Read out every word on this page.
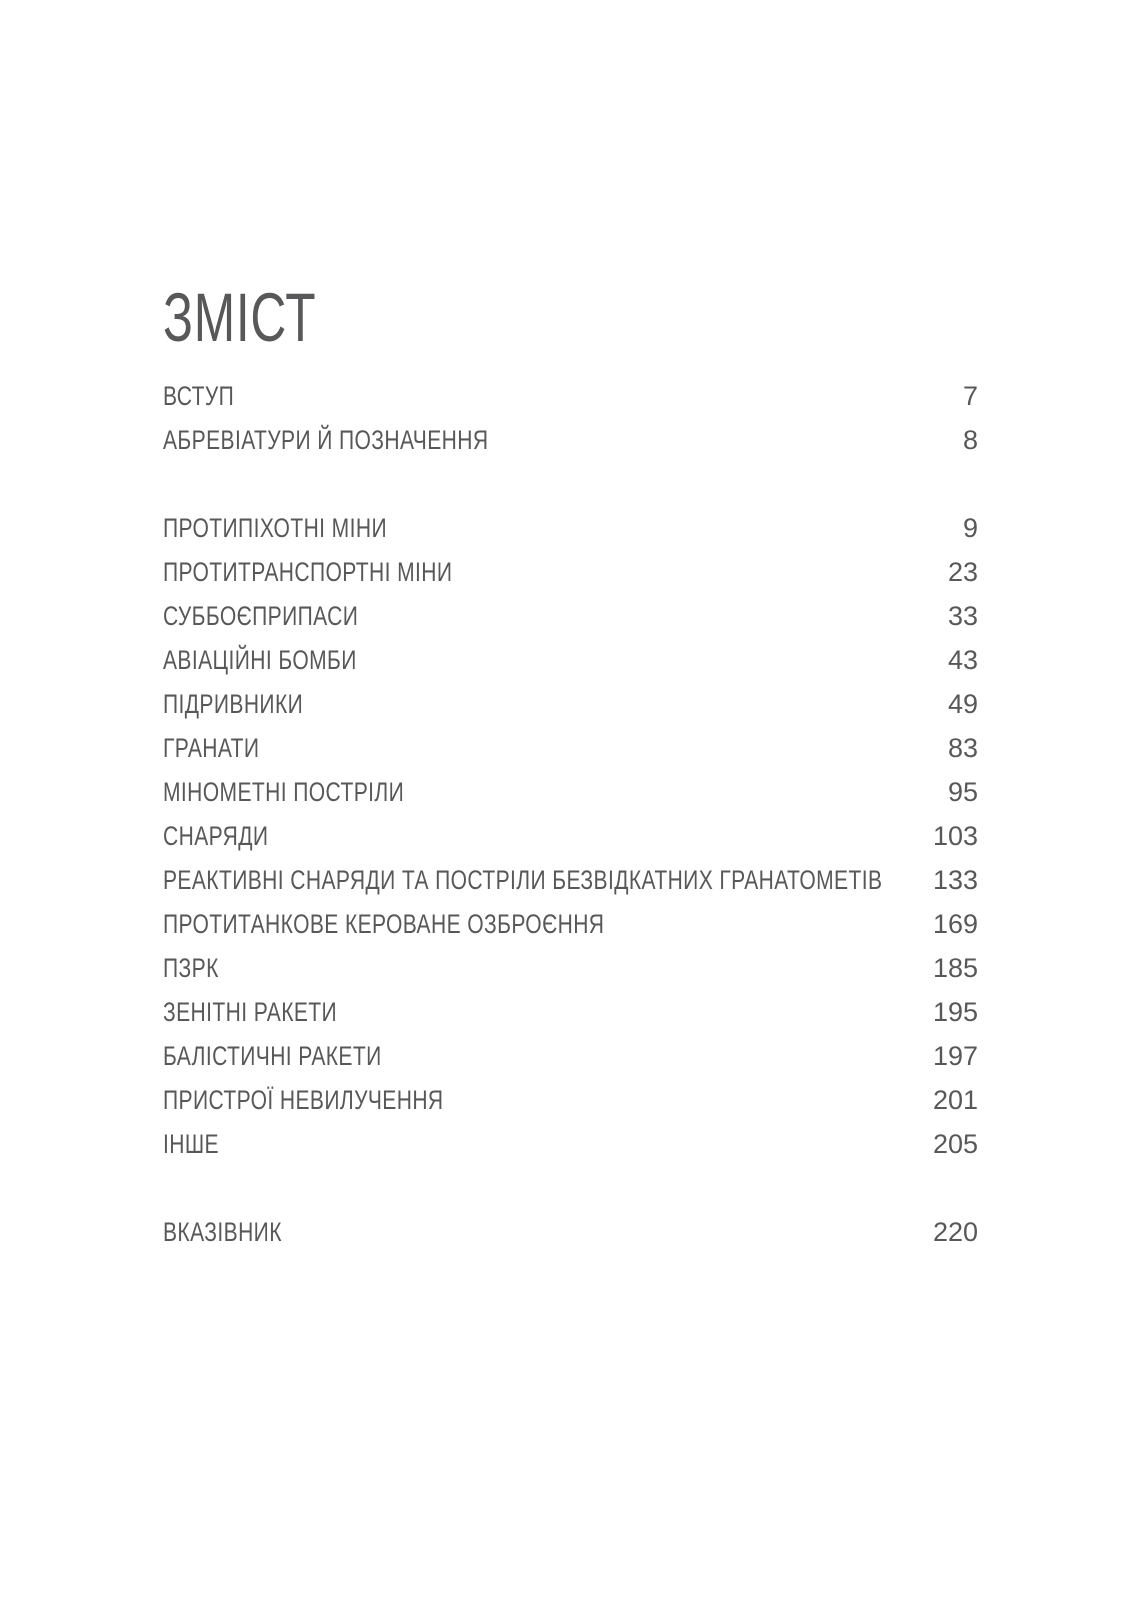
ЗМІСТ
ВСТУП	7
АБРЕВІАТУРИ Й ПОЗНАЧЕННЯ	8
ПРОТИПІХОТНІ МІНИ	9
ПРОТИТРАНСПОРТНІ МІНИ	23
СУББОЄПРИПАСИ	33
АВІАЦІЙНІ БОМБИ	43
ПІДРИВНИКИ	49
ГРАНАТИ	83
МІНОМЕТНІ ПОСТРІЛИ	95
СНАРЯДИ	103
РЕАКТИВНІ СНАРЯДИ ТА ПОСТРІЛИ БЕЗВІДКАТНИХ ГРАНАТОМЕТІВ 133
ПРОТИТАНКОВЕ КЕРОВАНЕ ОЗБРОЄННЯ	169
ПЗРК	185
ЗЕНІТНІ РАКЕТИ	195
БАЛІСТИЧНІ РАКЕТИ	197
ПРИСТРОЇ НЕВИЛУЧЕННЯ	201
ІНШЕ	205
ВКАЗІВНИК	220
